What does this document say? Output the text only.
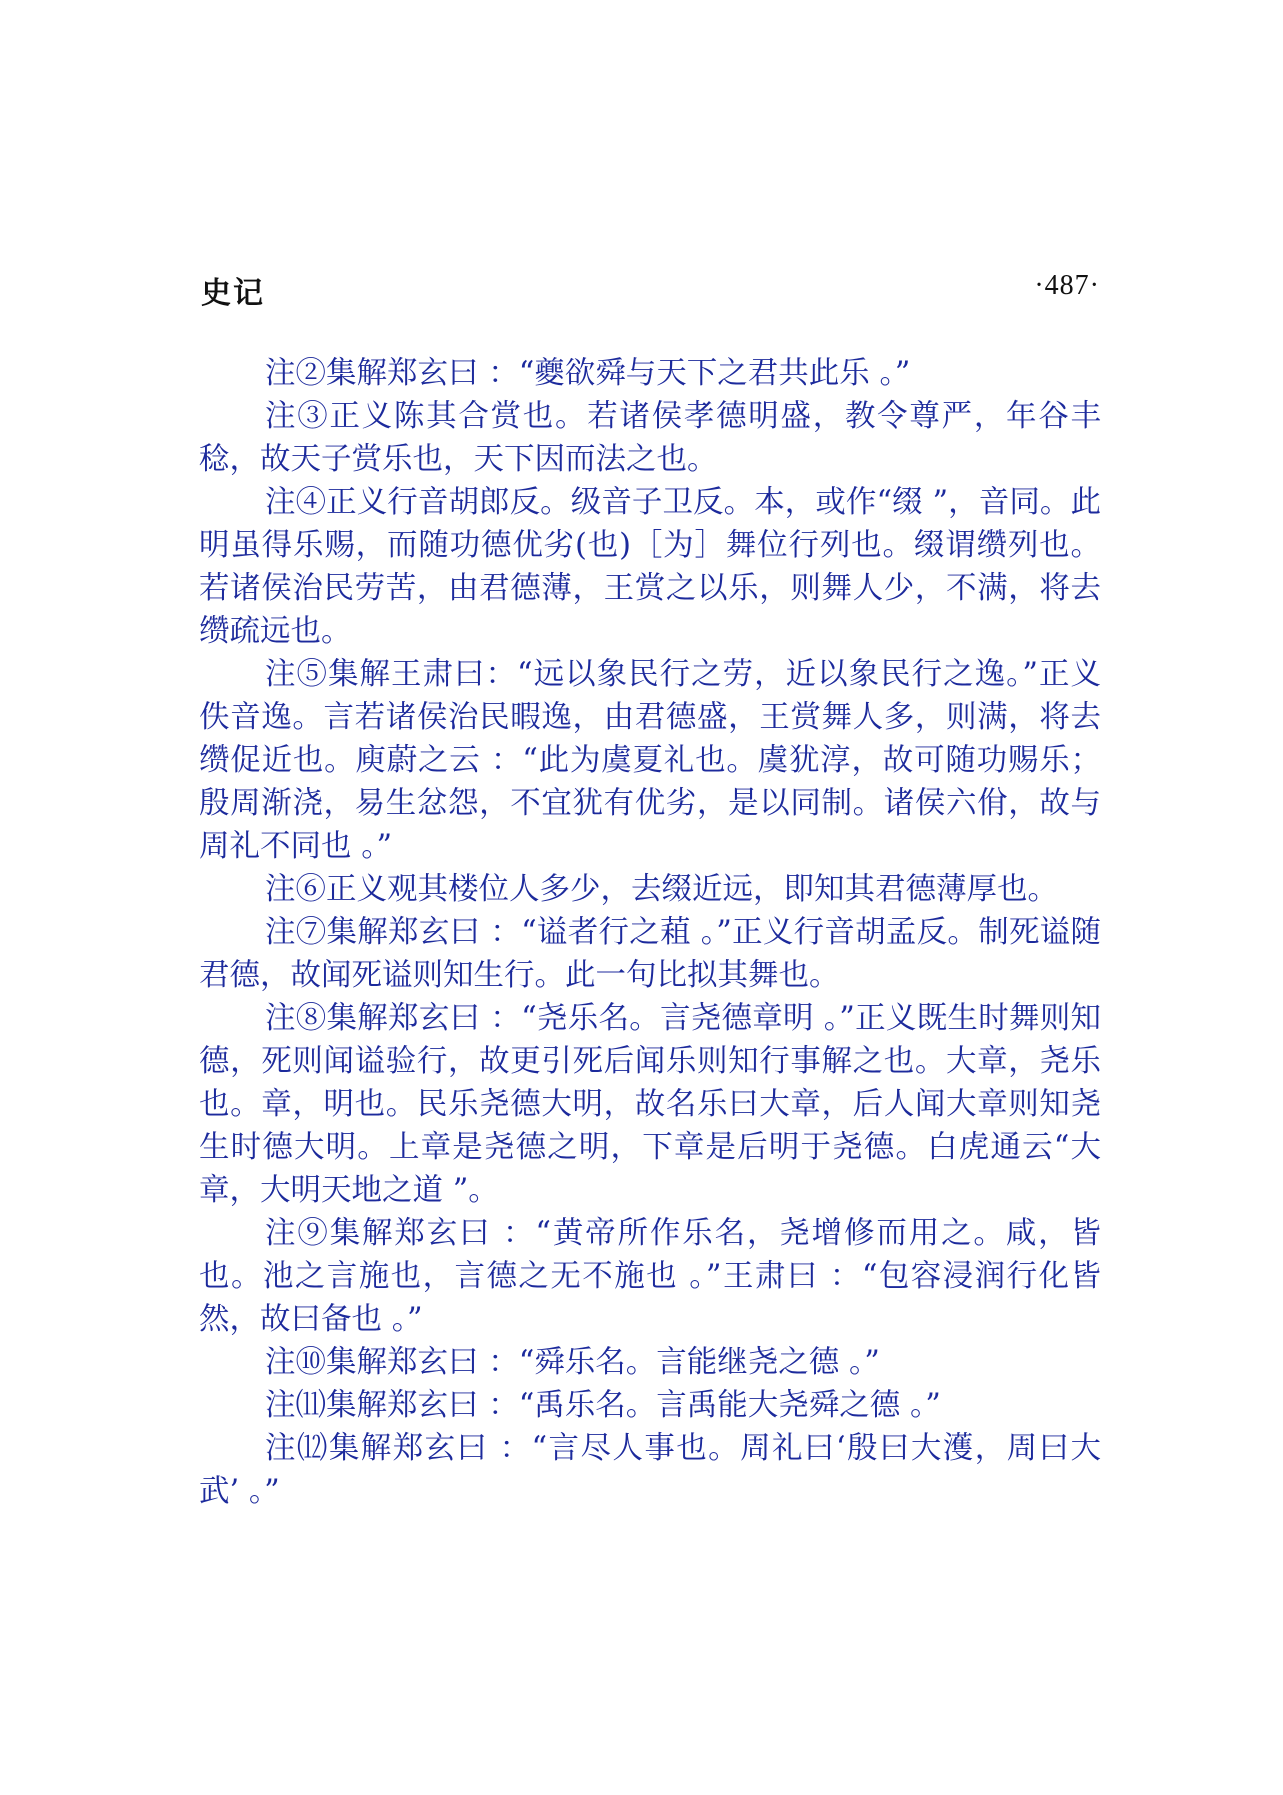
史记	·487·

注②集解郑玄曰 ：“夔欲舜与天下之君共此乐 。”

注③正义陈其合赏也。若诸侯孝德明盛，教令尊严，年谷丰稔，故天子赏乐也，天下因而法之也。

注④正义行音胡郎反。级音子卫反。本，或作“缀 ”，音同。此明虽得乐赐，而随功德优劣(也)［为］舞位行列也。缀谓缵列也。若诸侯治民劳苦，由君德薄，王赏之以乐，则舞人少，不满，将去缵疏远也。

注⑤集解王肃曰：“远以象民行之劳，近以象民行之逸。”正义佚音逸。言若诸侯治民暇逸，由君德盛，王赏舞人多，则满，将去缵促近也。庾蔚之云 ：“此为虞夏礼也。虞犹淳，故可随功赐乐；殷周渐浇，易生忿怨，不宜犹有优劣，是以同制。诸侯六佾，故与周礼不同也 。”

注⑥正义观其楼位人多少，去缀近远，即知其君德薄厚也。

注⑦集解郑玄曰 ：“谥者行之蒩 。”正义行音胡孟反。制死谥随君德，故闻死谥则知生行。此一句比拟其舞也。

注⑧集解郑玄曰 ：“尧乐名。言尧德章明 。”正义既生时舞则知德，死则闻谥验行，故更引死后闻乐则知行事解之也。大章，尧乐也。章，明也。民乐尧德大明，故名乐曰大章，后人闻大章则知尧生时德大明。上章是尧德之明，下章是后明于尧德。白虎通云“大章，大明天地之道 ”。

注⑨集解郑玄曰 ：“黄帝所作乐名，尧增修而用之。咸，皆也。池之言施也，言德之无不施也 。”王肃曰 ：“包容浸润行化皆然，故曰备也 。”

注⑩集解郑玄曰 ：“舜乐名。言能继尧之德 。”

注⑾集解郑玄曰 ：“禹乐名。言禹能大尧舜之德 。”

注⑿集解郑玄曰 ：“言尽人事也。周礼曰‘殷曰大濩，周曰大武’ 。”
